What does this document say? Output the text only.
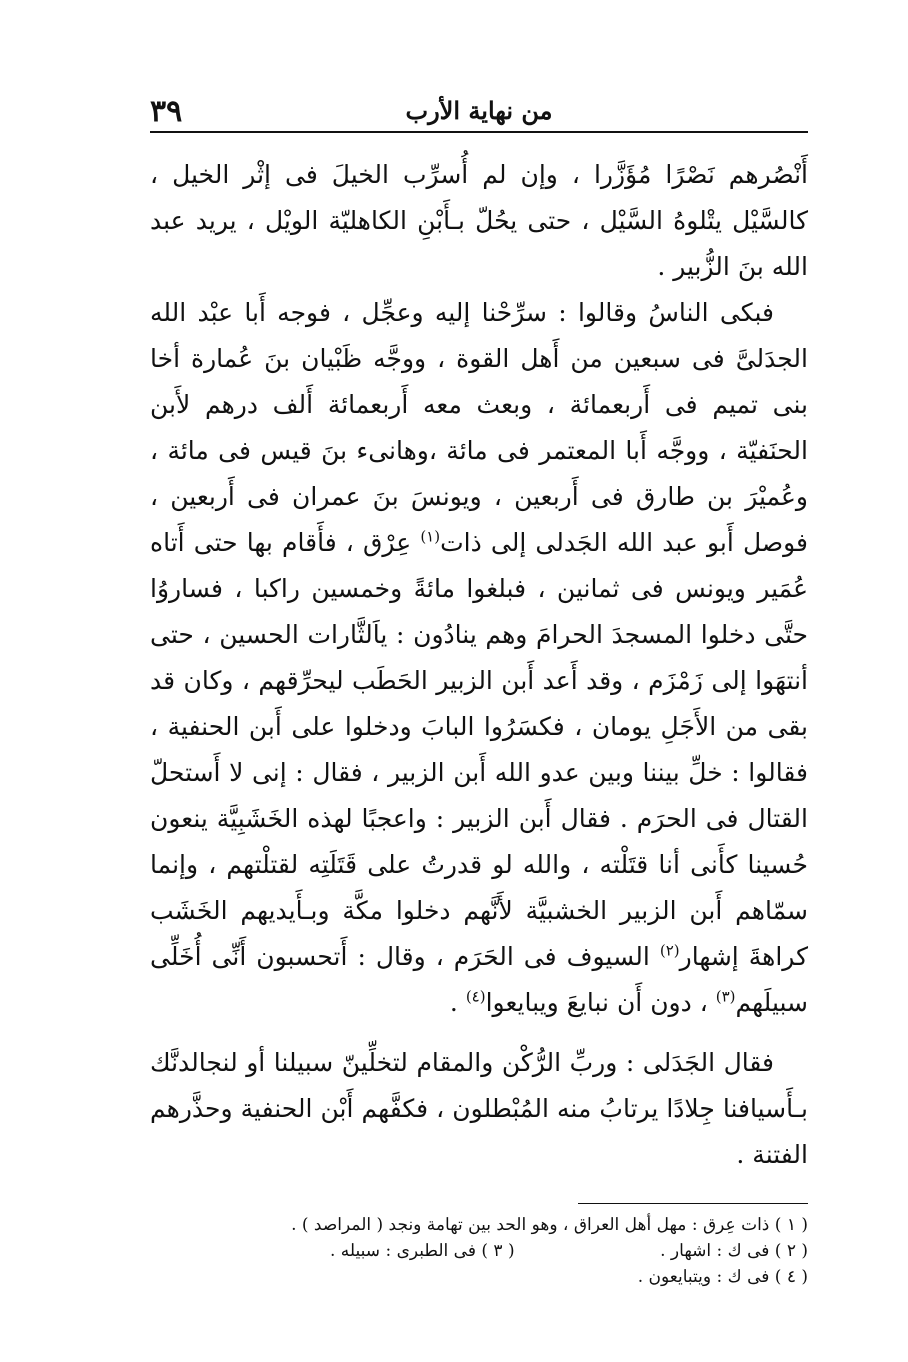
٣٩	من نهاية الأرب

أَنْصُرهم نَصْرًا مُؤَزَّرا ، وإن لم أُسرِّب الخيلَ فى إثْر الخيل ، كالسَّيْل يتْلوهُ السَّيْل ، حتى يحُلّ بـأَبْنِ الكاهليّة الويْل ، يريد عبد الله بنَ الزُّبير .

فبكى الناسُ وقالوا : سرِّحْنا إليه وعجِّل ، فوجه أَبا عبْد الله الجدَلىَّ فى سبعين من أَهل القوة ، ووجَّه ظَبْيان بنَ عُمارة أخا بنى تميم فى أَربعمائة ، وبعث معه أَربعمائة أَلف درهم لأَبن الحنَفيّة ، ووجَّه أَبا المعتمر فى مائة ،وهانىء بنَ قيس فى مائة ، وعُميْرَ بن طارق فى أَربعين ، ويونسَ بنَ عمران فى أَربعين ، فوصل أَبو عبد الله الجَدلى إلى ذات$^{(١)}$ عِرْق ، فأَقام بها حتى أَتاه عُمَير ويونس فى ثمانين ، فبلغوا مائةً وخمسين راكبا ، فساروُا حتَّى دخلوا المسجدَ الحرامَ وهم ينادُون : ياَلثَّارات الحسين ، حتى أنتهَوا إلى زَمْزَم ، وقد أَعد أَبن الزبير الحَطَب ليحرِّقهم ، وكان قد بقى من الأَجَلِ يومان ، فكسَرُوا البابَ ودخلوا على أَبن الحنفية ، فقالوا : خلِّ بيننا وبين عدو الله أَبن الزبير ، فقال : إنى لا أَستحلّ القتال فى الحرَم . فقال أَبن الزبير : واعجبًا لهذه الخَشَبِيَّة ينعون حُسينا كأَنى أنا قتَلْته ، والله لو قدرتُ على قَتَلَتِه لقتلْتهم ، وإنما سمّاهم أَبن الزبير الخشبيَّة لأَنَّهم دخلوا مكَّة وبـأَيديهم الخَشَب كراهةَ إشهار$^{(٢)}$ السيوف فى الحَرَم ، وقال : أَتحسبون أَنِّى أُخَلِّى سبيلَهم$^{(٣)}$ ، دون أَن نبايعَ ويبايعوا$^{(٤)}$ .

فقال الجَدَلى : وربِّ الرُّكْن والمقام لتخلِّينّ سبيلنا أو لنجالدنَّك بـأَسيافنا جِلادًا يرتابُ منه المُبْطلون ، فكفَّهم أَبْن الحنفية وحذَّرهم الفتنة .

( ١ ) ذات عِرق : مهل أهل العراق ، وهو الحد بين تهامة ونجد ( المراصد ) .
( ٢ ) فى ك : اشهار .
( ٣ ) فى الطبرى : سبيله .
( ٤ ) فى ك : ويتبايعون .
